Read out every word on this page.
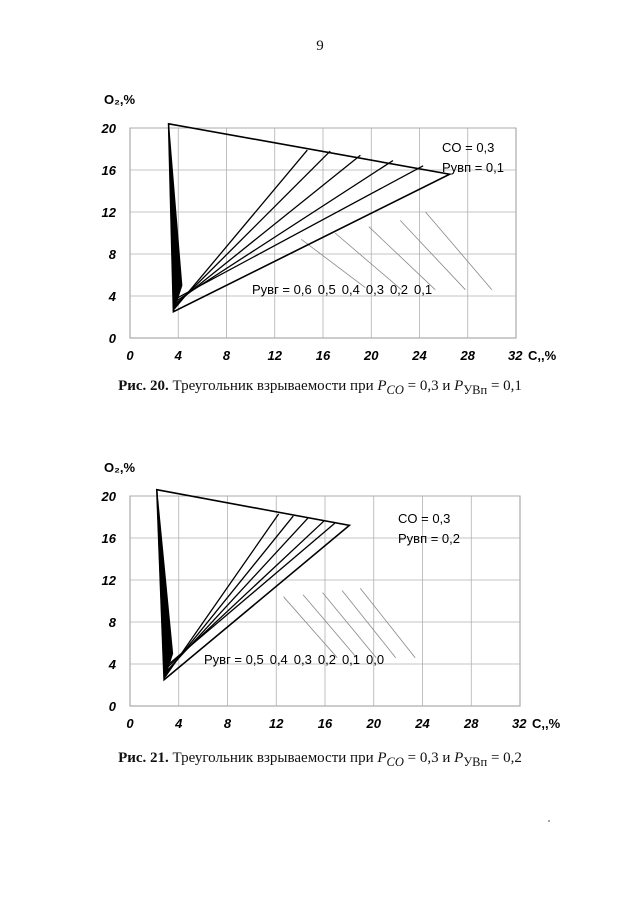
9
0
4
8
12
16
20
0	4	8	12	16	20	24	28	32 С,,%
О₂,%
CO = 0,3
Pyвп = 0,1
Pyвг = 0,6 0,5 0,4 0,3 0,2 0,1
Рис. 20. Треугольник взрываемости при $P_{CO} = 0,3$ и $P_{УВп} = 0,1$
0
4
8
12
16
20
0	4	8	12	16	20	24	28	32 С,,%
О₂,%
CO = 0,3
Pyвп = 0,2
Pyвг = 0,5 0,4 0,3 0,2 0,1 0,0
Рис. 21. Треугольник взрываемости при $P_{CO} = 0,3$ и $P_{УВп} = 0,2$
